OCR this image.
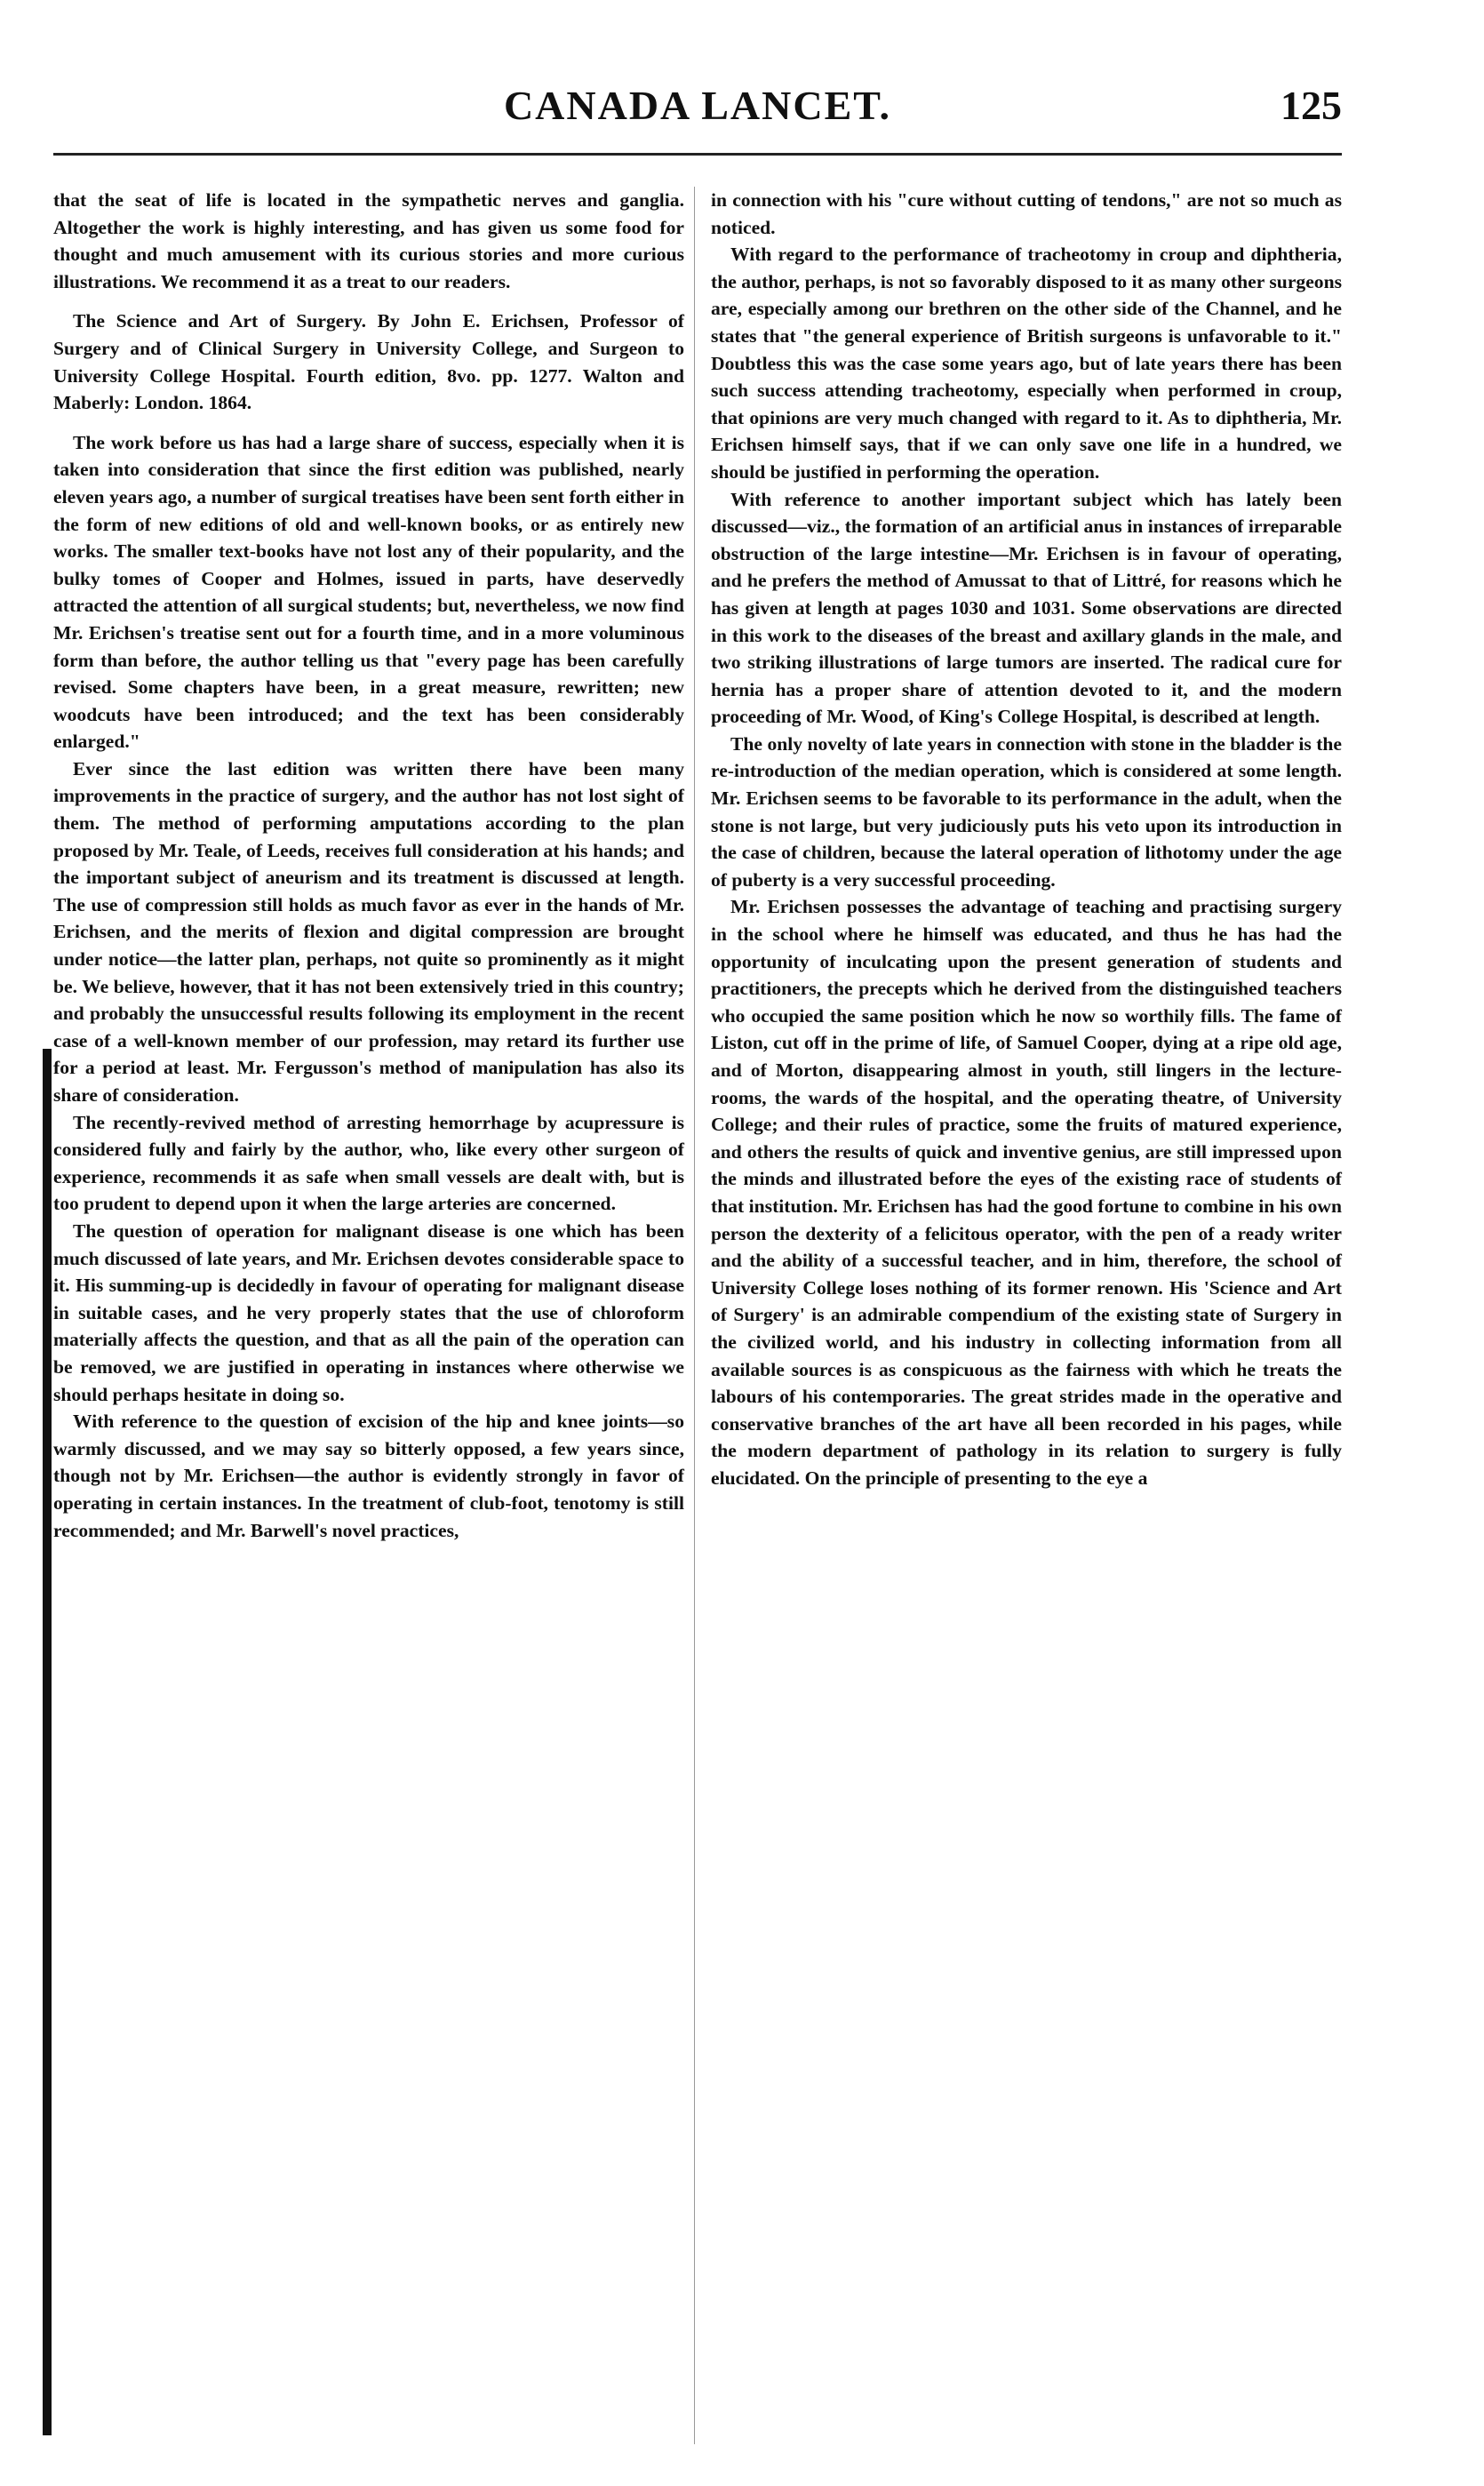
CANADA LANCET.	125

that the seat of life is located in the sympathetic nerves and ganglia. Altogether the work is highly interesting, and has given us some food for thought and much amusement with its curious stories and more curious illustrations. We recommend it as a treat to our readers.

The Science and Art of Surgery. By John E. Erichsen, Professor of Surgery and of Clinical Surgery in University College, and Surgeon to University College Hospital. Fourth edition, 8vo. pp. 1277. Walton and Maberly: London. 1864.

The work before us has had a large share of success, especially when it is taken into consideration that since the first edition was published, nearly eleven years ago, a number of surgical treatises have been sent forth either in the form of new editions of old and well-known books, or as entirely new works. The smaller text-books have not lost any of their popularity, and the bulky tomes of Cooper and Holmes, issued in parts, have deservedly attracted the attention of all surgical students; but, nevertheless, we now find Mr. Erichsen's treatise sent out for a fourth time, and in a more voluminous form than before, the author telling us that "every page has been carefully revised. Some chapters have been, in a great measure, rewritten; new woodcuts have been introduced; and the text has been considerably enlarged."

Ever since the last edition was written there have been many improvements in the practice of surgery, and the author has not lost sight of them. The method of performing amputations according to the plan proposed by Mr. Teale, of Leeds, receives full consideration at his hands; and the important subject of aneurism and its treatment is discussed at length. The use of compression still holds as much favor as ever in the hands of Mr. Erichsen, and the merits of flexion and digital compression are brought under notice—the latter plan, perhaps, not quite so prominently as it might be. We believe, however, that it has not been extensively tried in this country; and probably the unsuccessful results following its employment in the recent case of a well-known member of our profession, may retard its further use for a period at least. Mr. Fergusson's method of manipulation has also its share of consideration.

The recently-revived method of arresting hemorrhage by acupressure is considered fully and fairly by the author, who, like every other surgeon of experience, recommends it as safe when small vessels are dealt with, but is too prudent to depend upon it when the large arteries are concerned.

The question of operation for malignant disease is one which has been much discussed of late years, and Mr. Erichsen devotes considerable space to it. His summing-up is decidedly in favour of operating for malignant disease in suitable cases, and he very properly states that the use of chloroform materially affects the question, and that as all the pain of the operation can be removed, we are justified in operating in instances where otherwise we should perhaps hesitate in doing so.

With reference to the question of excision of the hip and knee joints—so warmly discussed, and we may say so bitterly opposed, a few years since, though not by Mr. Erichsen—the author is evidently strongly in favor of operating in certain instances. In the treatment of club-foot, tenotomy is still recommended; and Mr. Barwell's novel practices,

in connection with his "cure without cutting of tendons," are not so much as noticed.

With regard to the performance of tracheotomy in croup and diphtheria, the author, perhaps, is not so favorably disposed to it as many other surgeons are, especially among our brethren on the other side of the Channel, and he states that "the general experience of British surgeons is unfavorable to it." Doubtless this was the case some years ago, but of late years there has been such success attending tracheotomy, especially when performed in croup, that opinions are very much changed with regard to it. As to diphtheria, Mr. Erichsen himself says, that if we can only save one life in a hundred, we should be justified in performing the operation.

With reference to another important subject which has lately been discussed—viz., the formation of an artificial anus in instances of irreparable obstruction of the large intestine—Mr. Erichsen is in favour of operating, and he prefers the method of Amussat to that of Littré, for reasons which he has given at length at pages 1030 and 1031. Some observations are directed in this work to the diseases of the breast and axillary glands in the male, and two striking illustrations of large tumors are inserted. The radical cure for hernia has a proper share of attention devoted to it, and the modern proceeding of Mr. Wood, of King's College Hospital, is described at length.

The only novelty of late years in connection with stone in the bladder is the re-introduction of the median operation, which is considered at some length. Mr. Erichsen seems to be favorable to its performance in the adult, when the stone is not large, but very judiciously puts his veto upon its introduction in the case of children, because the lateral operation of lithotomy under the age of puberty is a very successful proceeding.

Mr. Erichsen possesses the advantage of teaching and practising surgery in the school where he himself was educated, and thus he has had the opportunity of inculcating upon the present generation of students and practitioners, the precepts which he derived from the distinguished teachers who occupied the same position which he now so worthily fills. The fame of Liston, cut off in the prime of life, of Samuel Cooper, dying at a ripe old age, and of Morton, disappearing almost in youth, still lingers in the lecture-rooms, the wards of the hospital, and the operating theatre, of University College; and their rules of practice, some the fruits of matured experience, and others the results of quick and inventive genius, are still impressed upon the minds and illustrated before the eyes of the existing race of students of that institution. Mr. Erichsen has had the good fortune to combine in his own person the dexterity of a felicitous operator, with the pen of a ready writer and the ability of a successful teacher, and in him, therefore, the school of University College loses nothing of its former renown. His 'Science and Art of Surgery' is an admirable compendium of the existing state of Surgery in the civilized world, and his industry in collecting information from all available sources is as conspicuous as the fairness with which he treats the labours of his contemporaries. The great strides made in the operative and conservative branches of the art have all been recorded in his pages, while the modern department of pathology in its relation to surgery is fully elucidated. On the principle of presenting to the eye a
